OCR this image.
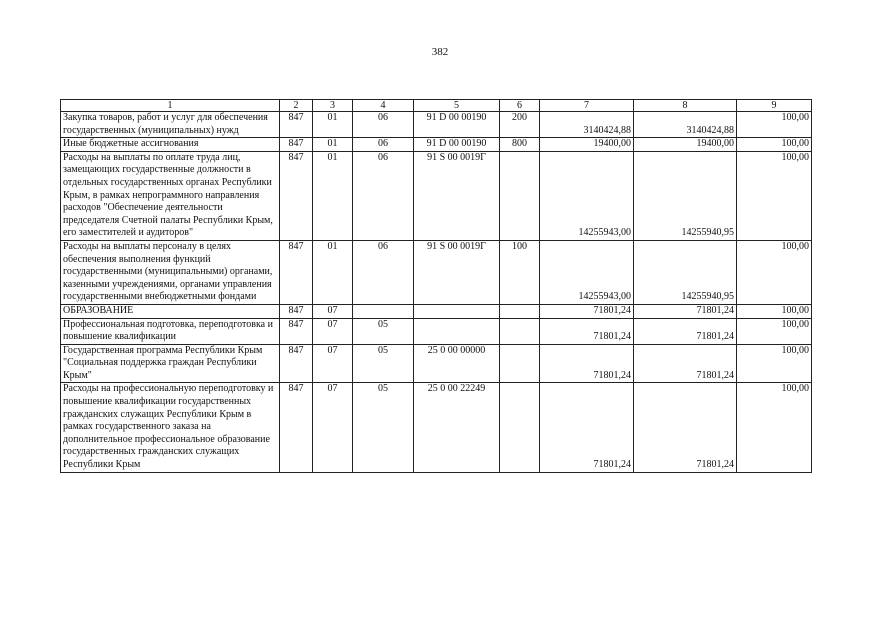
382
1	2	3	4	5	6	7	8	9
Закупка товаров, работ и услуг для обеспечения государственных (муниципальных) нужд	847	01	06	91 D 00 00190	200	3140424,88	3140424,88	100,00
Иные бюджетные ассигнования	847	01	06	91 D 00 00190	800	19400,00	19400,00	100,00
Расходы на выплаты по оплате труда лиц, замещающих государственные должности в отдельных государственных органах Республики Крым, в рамках непрограммного направления расходов "Обеспечение деятельности председателя Счетной палаты Республики Крым, его заместителей и аудиторов"	847	01	06	91 S 00 0019Г		14255943,00	14255940,95	100,00
Расходы на выплаты персоналу в целях обеспечения выполнения функций государственными (муниципальными) органами, казенными учреждениями, органами управления государственными внебюджетными фондами	847	01	06	91 S 00 0019Г	100	14255943,00	14255940,95	100,00
ОБРАЗОВАНИЕ	847	07				71801,24	71801,24	100,00
Профессиональная подготовка, переподготовка и повышение квалификации	847	07	05			71801,24	71801,24	100,00
Государственная программа Республики Крым "Социальная поддержка граждан Республики Крым"	847	07	05	25 0 00 00000		71801,24	71801,24	100,00
Расходы на профессиональную переподготовку и повышение квалификации государственных гражданских служащих Республики Крым в рамках государственного заказа на дополнительное профессиональное образование государственных гражданских служащих Республики Крым	847	07	05	25 0 00 22249		71801,24	71801,24	100,00
